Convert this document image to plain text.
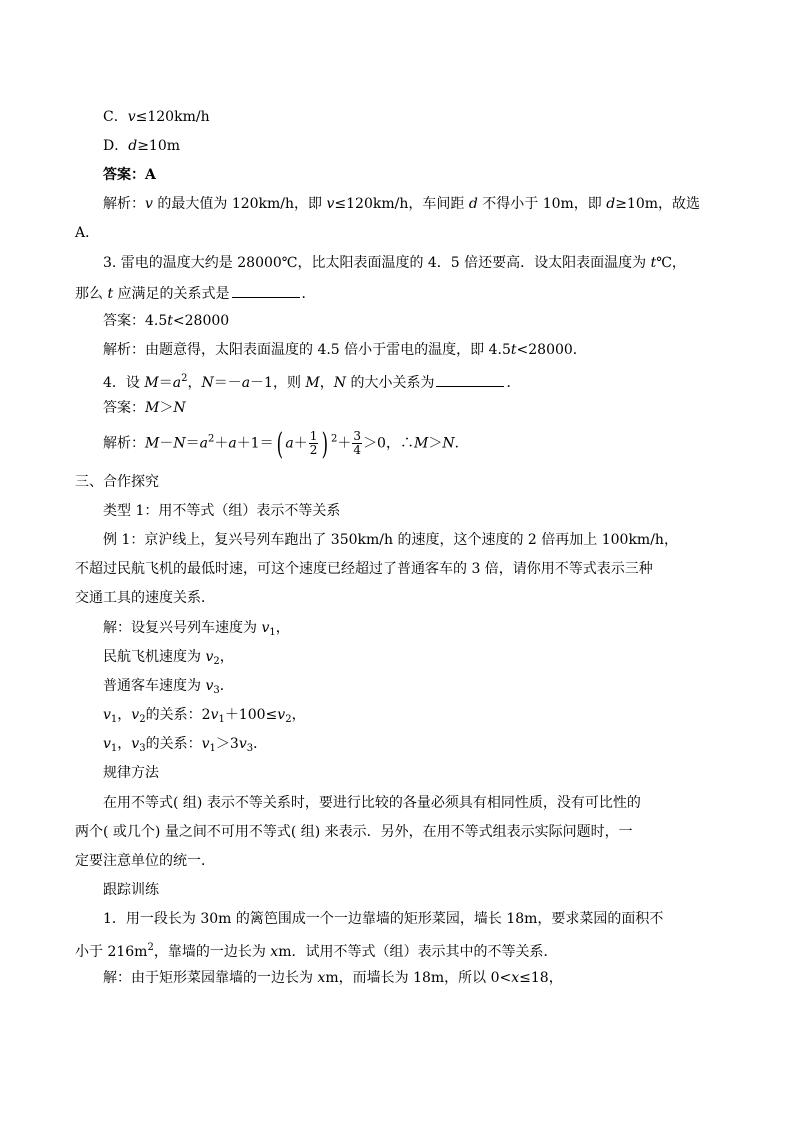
C．v≤120km/h
D．d≥10m
答案：A
解析：v 的最大值为 120km/h，即 v≤120km/h，车间距 d 不得小于 10m，即 d≥10m，故选
A．
3. 雷电的温度大约是 28000℃，比太阳表面温度的 4．5 倍还要高．设太阳表面温度为 t℃，
那么 t 应满足的关系式是	．
答案：4.5t<28000
解析：由题意得，太阳表面温度的 4.5 倍小于雷电的温度，即 4.5t<28000．
4．设 $M=a^2$，N＝－a－1，则 M，N 的大小关系为	．
答案：M＞N
解析：$M-N=a^2+a+1=$( $a+ \frac{1}{2}$ ) $^2+ \frac{3}{4} >0$，∴M＞N．
三、合作探究
类型 1：用不等式（组）表示不等关系
例 1：京沪线上，复兴号列车跑出了 350km/h 的速度，这个速度的 2 倍再加上 100km/h，
不超过民航飞机的最低时速，可这个速度已经超过了普通客车的 3 倍，请你用不等式表示三种
交通工具的速度关系．
解：设复兴号列车速度为 $v_1$，
民航飞机速度为 $v_2$，
普通客车速度为 $v_3$．
$v_1$，$v_2$的关系：$2v_1+100\le v_2$，
$v_1$，$v_3$的关系：$v_1>3v_3$．
规律方法
在用不等式( 组) 表示不等关系时，要进行比较的各量必须具有相同性质，没有可比性的
两个( 或几个) 量之间不可用不等式( 组) 来表示．另外，在用不等式组表示实际问题时，一
定要注意单位的统一．
跟踪训练
1．用一段长为 30m 的篱笆围成一个一边靠墙的矩形菜园，墙长 18m，要求菜园的面积不
小于 $216m^2$，靠墙的一边长为 xm．试用不等式（组）表示其中的不等关系．
解：由于矩形菜园靠墙的一边长为 xm，而墙长为 18m，所以 0<x≤18，
